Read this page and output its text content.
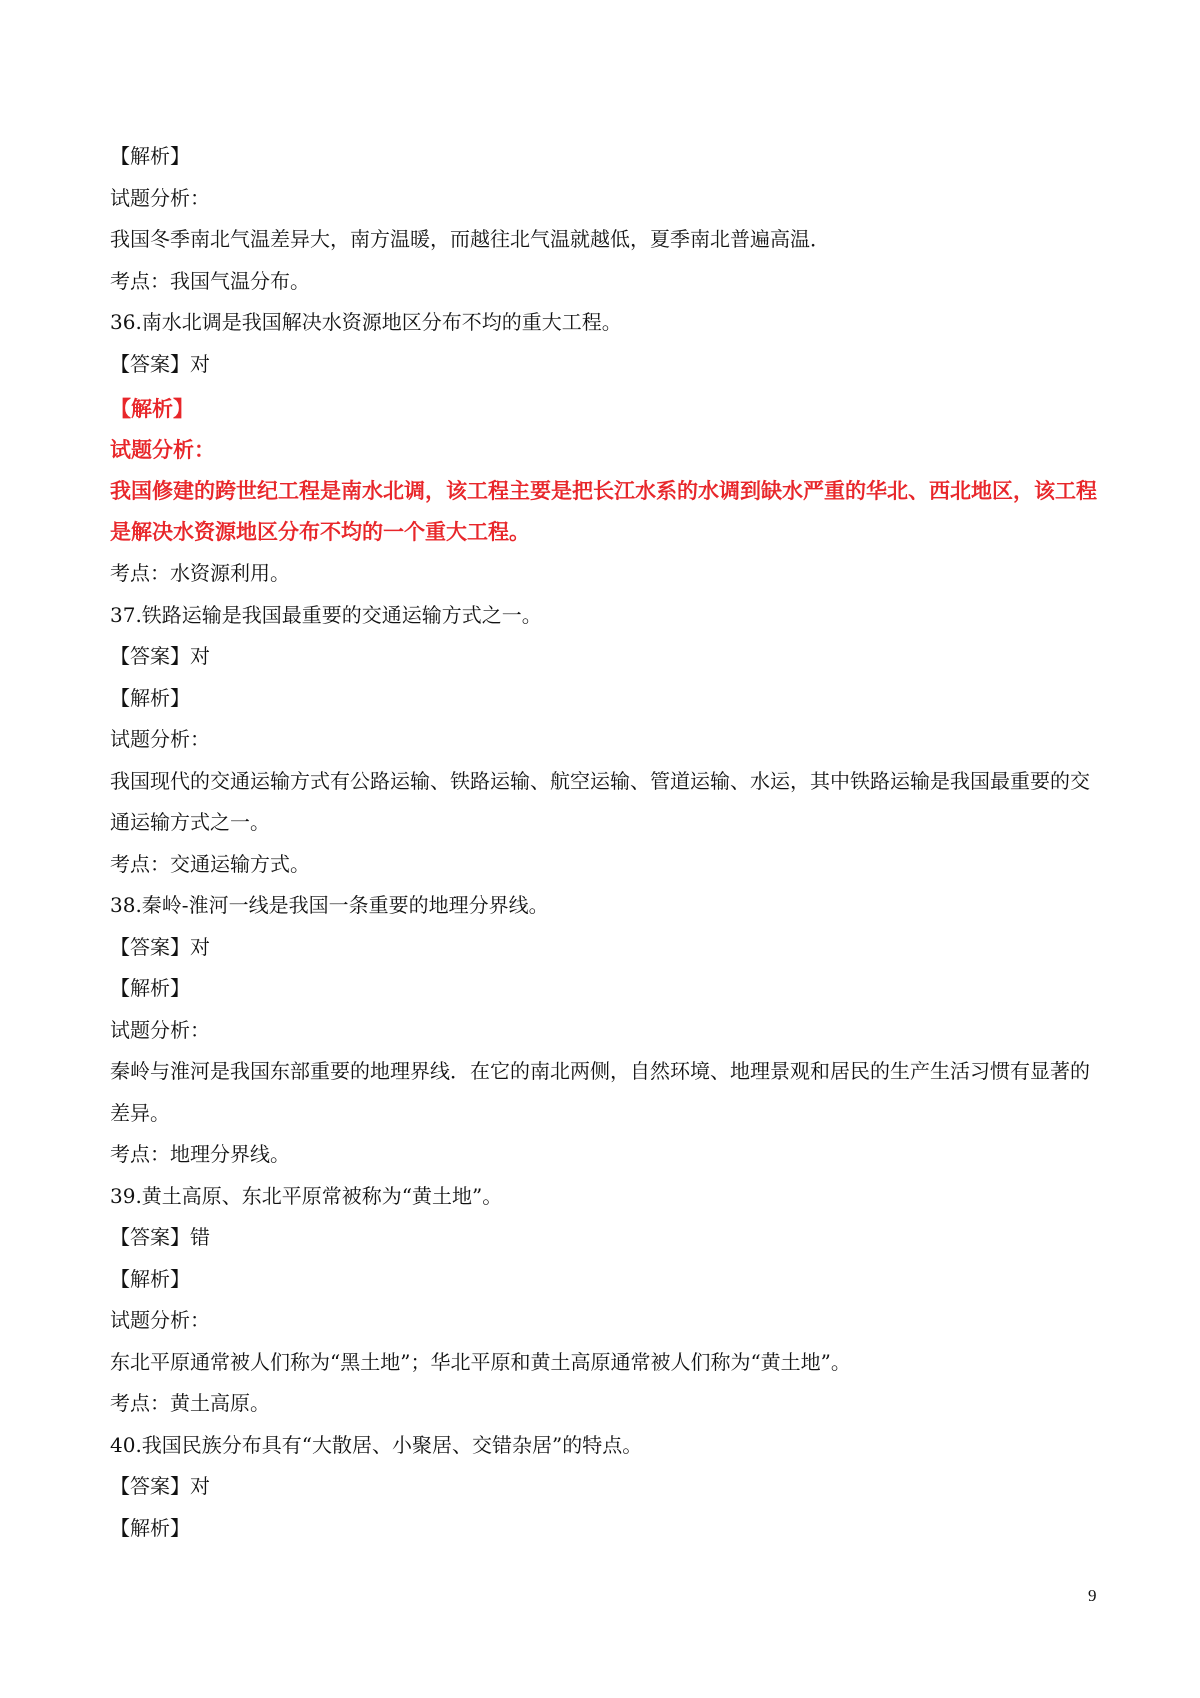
【解析】
试题分析：
我国冬季南北气温差异大，南方温暖，而越往北气温就越低，夏季南北普遍高温．
考点：我国气温分布。
36.南水北调是我国解决水资源地区分布不均的重大工程。
【答案】对
【解析】
试题分析：
我国修建的跨世纪工程是南水北调，该工程主要是把长江水系的水调到缺水严重的华北、西北地区，该工程是解决水资源地区分布不均的一个重大工程。
考点：水资源利用。
37.铁路运输是我国最重要的交通运输方式之一。
【答案】对
【解析】
试题分析：
我国现代的交通运输方式有公路运输、铁路运输、航空运输、管道运输、水运，其中铁路运输是我国最重要的交通运输方式之一。
考点：交通运输方式。
38.秦岭-淮河一线是我国一条重要的地理分界线。
【答案】对
【解析】
试题分析：
秦岭与淮河是我国东部重要的地理界线．在它的南北两侧，自然环境、地理景观和居民的生产生活习惯有显著的差异。
考点：地理分界线。
39.黄土高原、东北平原常被称为“黄土地”。
【答案】错
【解析】
试题分析：
东北平原通常被人们称为“黑土地”；华北平原和黄土高原通常被人们称为“黄土地”。
考点：黄土高原。
40.我国民族分布具有“大散居、小聚居、交错杂居”的特点。
【答案】对
【解析】
9
